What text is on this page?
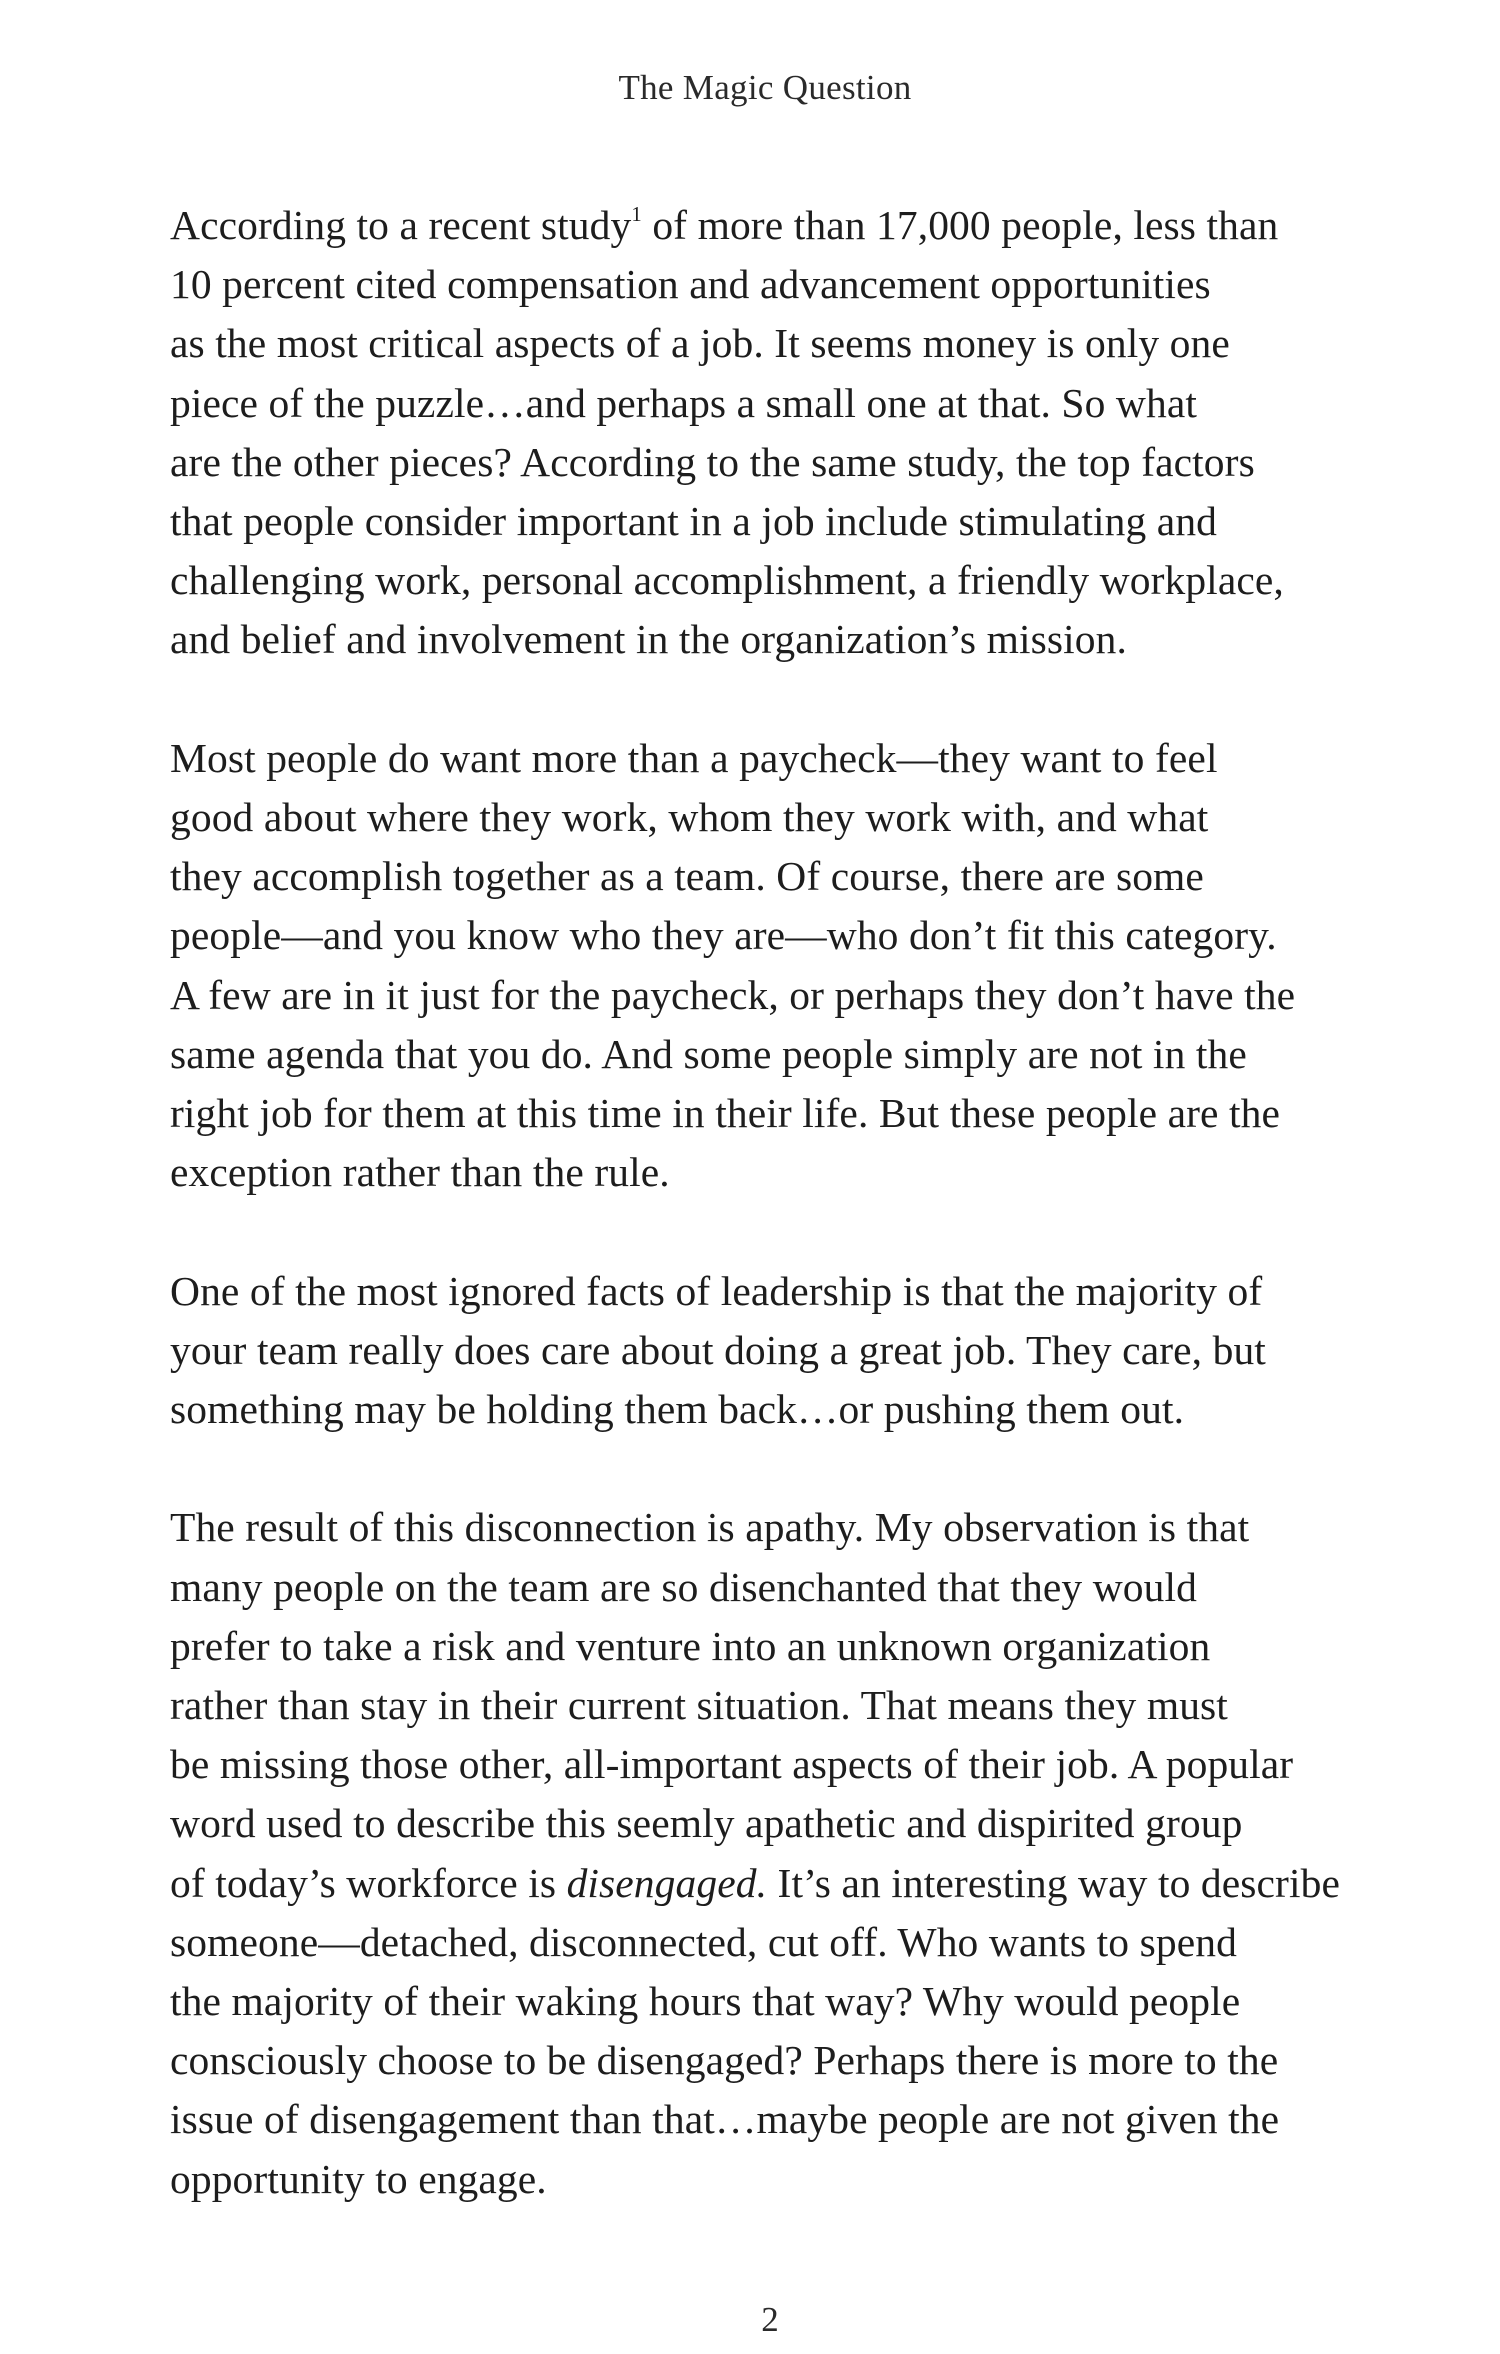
The Magic Question

According to a recent study$^1$ of more than 17,000 people, less than
10 percent cited compensation and advancement opportunities
as the most critical aspects of a job. It seems money is only one
piece of the puzzle…and perhaps a small one at that. So what
are the other pieces? According to the same study, the top factors
that people consider important in a job include stimulating and
challenging work, personal accomplishment, a friendly workplace,
and belief and involvement in the organization’s mission.

Most people do want more than a paycheck—they want to feel
good about where they work, whom they work with, and what
they accomplish together as a team. Of course, there are some
people—and you know who they are—who don’t fit this category.
A few are in it just for the paycheck, or perhaps they don’t have the
same agenda that you do. And some people simply are not in the
right job for them at this time in their life. But these people are the
exception rather than the rule.

One of the most ignored facts of leadership is that the majority of
your team really does care about doing a great job. They care, but
something may be holding them back…or pushing them out.

The result of this disconnection is apathy. My observation is that
many people on the team are so disenchanted that they would
prefer to take a risk and venture into an unknown organization
rather than stay in their current situation. That means they must
be missing those other, all-important aspects of their job. A popular
word used to describe this seemly apathetic and dispirited group
of today’s workforce is disengaged. It’s an interesting way to describe
someone—detached, disconnected, cut off. Who wants to spend
the majority of their waking hours that way? Why would people
consciously choose to be disengaged? Perhaps there is more to the
issue of disengagement than that…maybe people are not given the
opportunity to engage.

2
